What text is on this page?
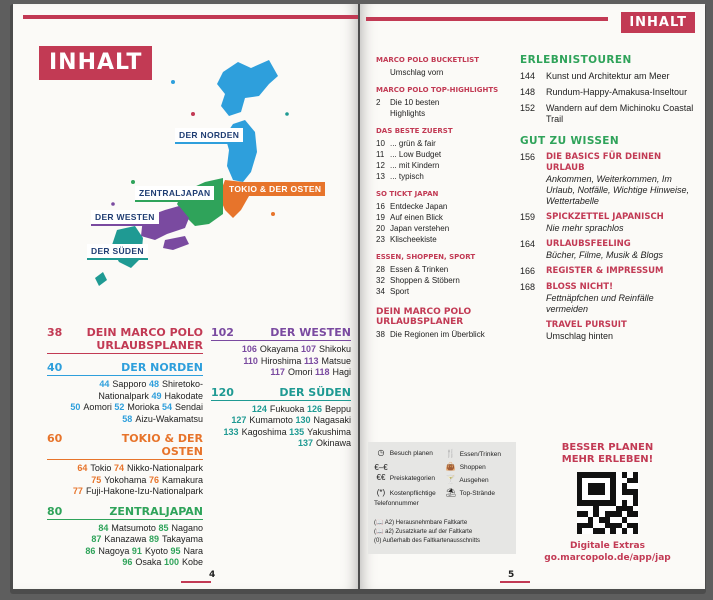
INHALT
DER NORDEN
ZENTRALJAPAN	TOKIO & DER OSTEN
DER WESTEN
DER SÜDEN
38	DEIN MARCO POLO URLAUBSPLANER
40	DER NORDEN
44 Sapporo 48 Shiretoko-
Nationalpark 49 Hakodate
50 Aomori 52 Morioka 54 Sendai
58 Aizu-Wakamatsu
60	TOKIO & DER OSTEN
64 Tokio 74 Nikko-Nationalpark
75 Yokohama 76 Kamakura
77 Fuji-Hakone-Izu-Nationalpark
80	ZENTRALJAPAN
84 Matsumoto 85 Nagano
87 Kanazawa 89 Takayama
86 Nagoya 91 Kyoto 95 Nara
96 Osaka 100 Kobe
102	DER WESTEN
106 Okayama 107 Shikoku
110 Hiroshima 113 Matsue
117 Omori 118 Hagi
120	DER SÜDEN
124 Fukuoka 126 Beppu
127 Kumamoto 130 Nagasaki
133 Kagoshima 135 Yakushima
137 Okinawa
4
INHALT
MARCO POLO BUCKETLIST
Umschlag vorn
MARCO POLO TOP-HIGHLIGHTS
2	Die 10 besten
Highlights
DAS BESTE ZUERST
10 ... grün & fair
11 ... Low Budget
12 ... mit Kindern
13 ... typisch
SO TICKT JAPAN
16 Entdecke Japan
19 Auf einen Blick
20 Japan verstehen
23 Klischeekiste
ESSEN, SHOPPEN, SPORT
28 Essen & Trinken
32 Shoppen & Stöbern
34 Sport
DEIN MARCO POLO URLAUBSPLANER
38 Die Regionen im Überblick
◷ Besuch planen
€–€€€ Preiskategorien
(*) Kostenpflichtige Telefonnummer
🍴 Essen/Trinken
👜 Shoppen
🍸 Ausgehen
⛱ Top-Strände
(📖 A2) Herausnehmbare Faltkarte
(📖 a2) Zusatzkarte auf der Faltkarte
(0) Außerhalb des Faltkartenausschnitts
ERLEBNISTOUREN
144	Kunst und Architektur am Meer
148	Rundum-Happy-Amakusa-Inseltour
152	Wandern auf dem Michinoku Coastal Trail
GUT ZU WISSEN
156	DIE BASICS FÜR DEINEN URLAUB
Ankommen, Weiterkommen, Im Urlaub, Notfälle, Wichtige Hinweise, Wettertabelle
159	SPICKZETTEL JAPANISCH
Nie mehr sprachlos
164	URLAUBSFEELING
Bücher, Filme, Musik & Blogs
166	REGISTER & IMPRESSUM
168	BLOSS NICHT!
Fettnäpfchen und Reinfälle vermeiden
TRAVEL PURSUIT
Umschlag hinten
BESSER PLANEN
MEHR ERLEBEN!
Digitale Extras
go.marcopolo.de/app/jap
5
